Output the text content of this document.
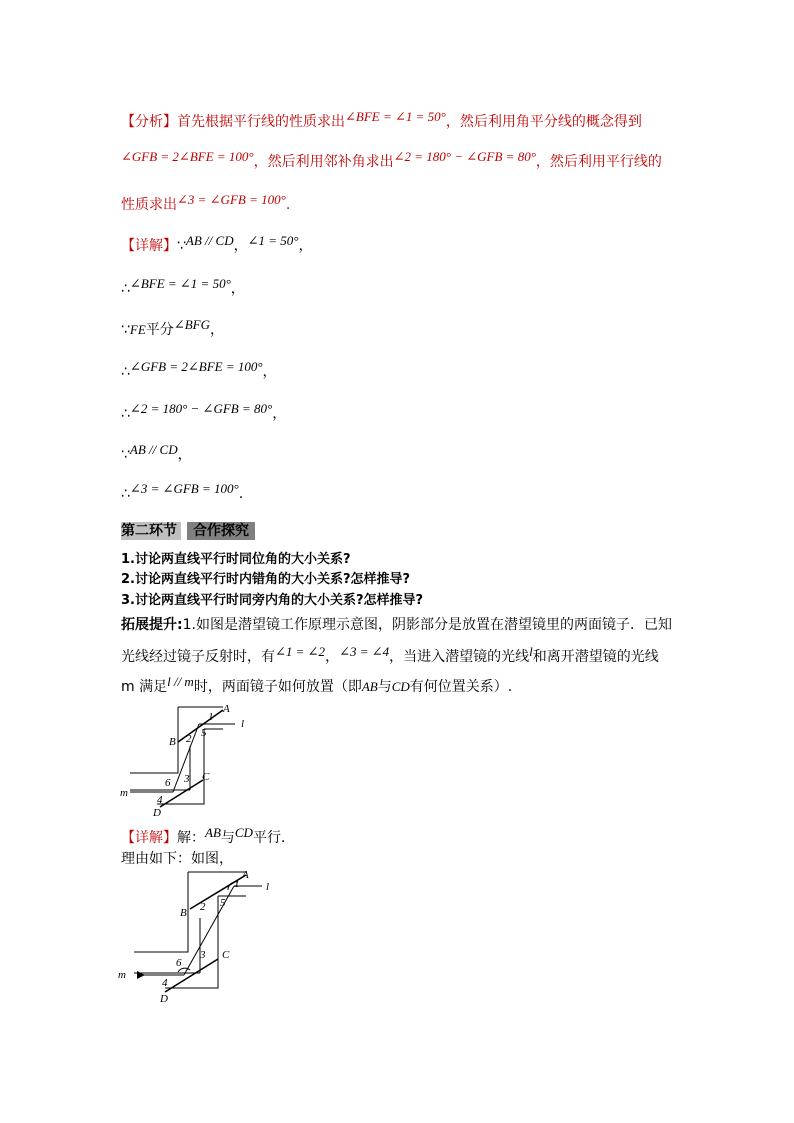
【分析】首先根据平行线的性质求出∠BFE = ∠1 = 50°，然后利用角平分线的概念得到
∠GFB = 2∠BFE = 100°，然后利用邻补角求出∠2 = 180° − ∠GFB = 80°，然后利用平行线的
性质求出∠3 = ∠GFB = 100°.
【详解】∵AB // CD，∠1 = 50°，
∴∠BFE = ∠1 = 50°，
∵FE平分∠BFG，
∴∠GFB = 2∠BFE = 100°，
∴∠2 = 180° − ∠GFB = 80°，
∵AB // CD，
∴∠3 = ∠GFB = 100°.
第二环节 合作探究
1.讨论两直线平行时同位角的大小关系?
2.讨论两直线平行时内错角的大小关系?怎样推导?
3.讨论两直线平行时同旁内角的大小关系?怎样推导?
拓展提升:1.如图是潜望镜工作原理示意图，阴影部分是放置在潜望镜里的两面镜子．已知
光线经过镜子反射时，有∠1 = ∠2，∠3 = ∠4，当进入潜望镜的光线l和离开潜望镜的光线
m 满足l // m时，两面镜子如何放置（即AB与CD有何位置关系）.
A
l
B
1
2 5
C
3
6
m
4
D
【详解】解：AB与CD平行．
理由如下：如图，
A
l
B
1
2 5
C
3
6
m
4
D
